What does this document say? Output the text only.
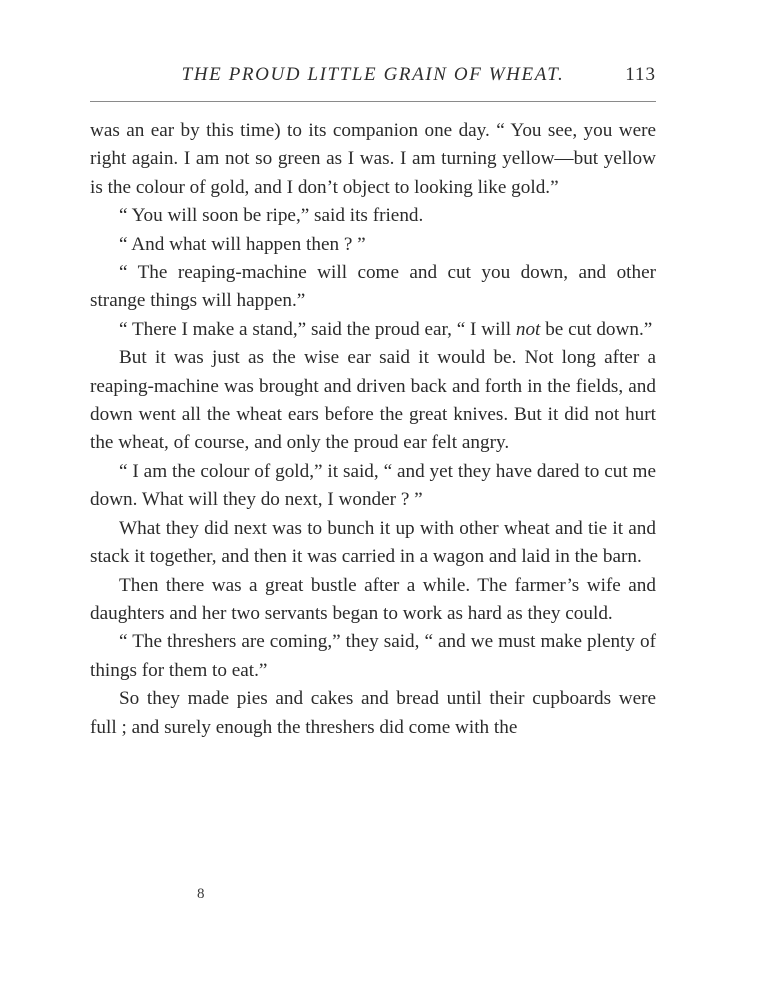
THE PROUD LITTLE GRAIN OF WHEAT.	113

was an ear by this time) to its companion one day. “ You see, you were right again. I am not so green as I was. I am turning yellow—but yellow is the colour of gold, and I don’t object to looking like gold.”

“ You will soon be ripe,” said its friend.

“ And what will happen then ? ”

“ The reaping-machine will come and cut you down, and other strange things will happen.”

“ There I make a stand,” said the proud ear, “ I will not be cut down.”

But it was just as the wise ear said it would be. Not long after a reaping-machine was brought and driven back and forth in the fields, and down went all the wheat ears before the great knives. But it did not hurt the wheat, of course, and only the proud ear felt angry.

“ I am the colour of gold,” it said, “ and yet they have dared to cut me down. What will they do next, I wonder ? ”

What they did next was to bunch it up with other wheat and tie it and stack it together, and then it was carried in a wagon and laid in the barn.

Then there was a great bustle after a while. The farmer’s wife and daughters and her two servants began to work as hard as they could.

“ The threshers are coming,” they said, “ and we must make plenty of things for them to eat.”

So they made pies and cakes and bread until their cupboards were full ; and surely enough the threshers did come with the

8
